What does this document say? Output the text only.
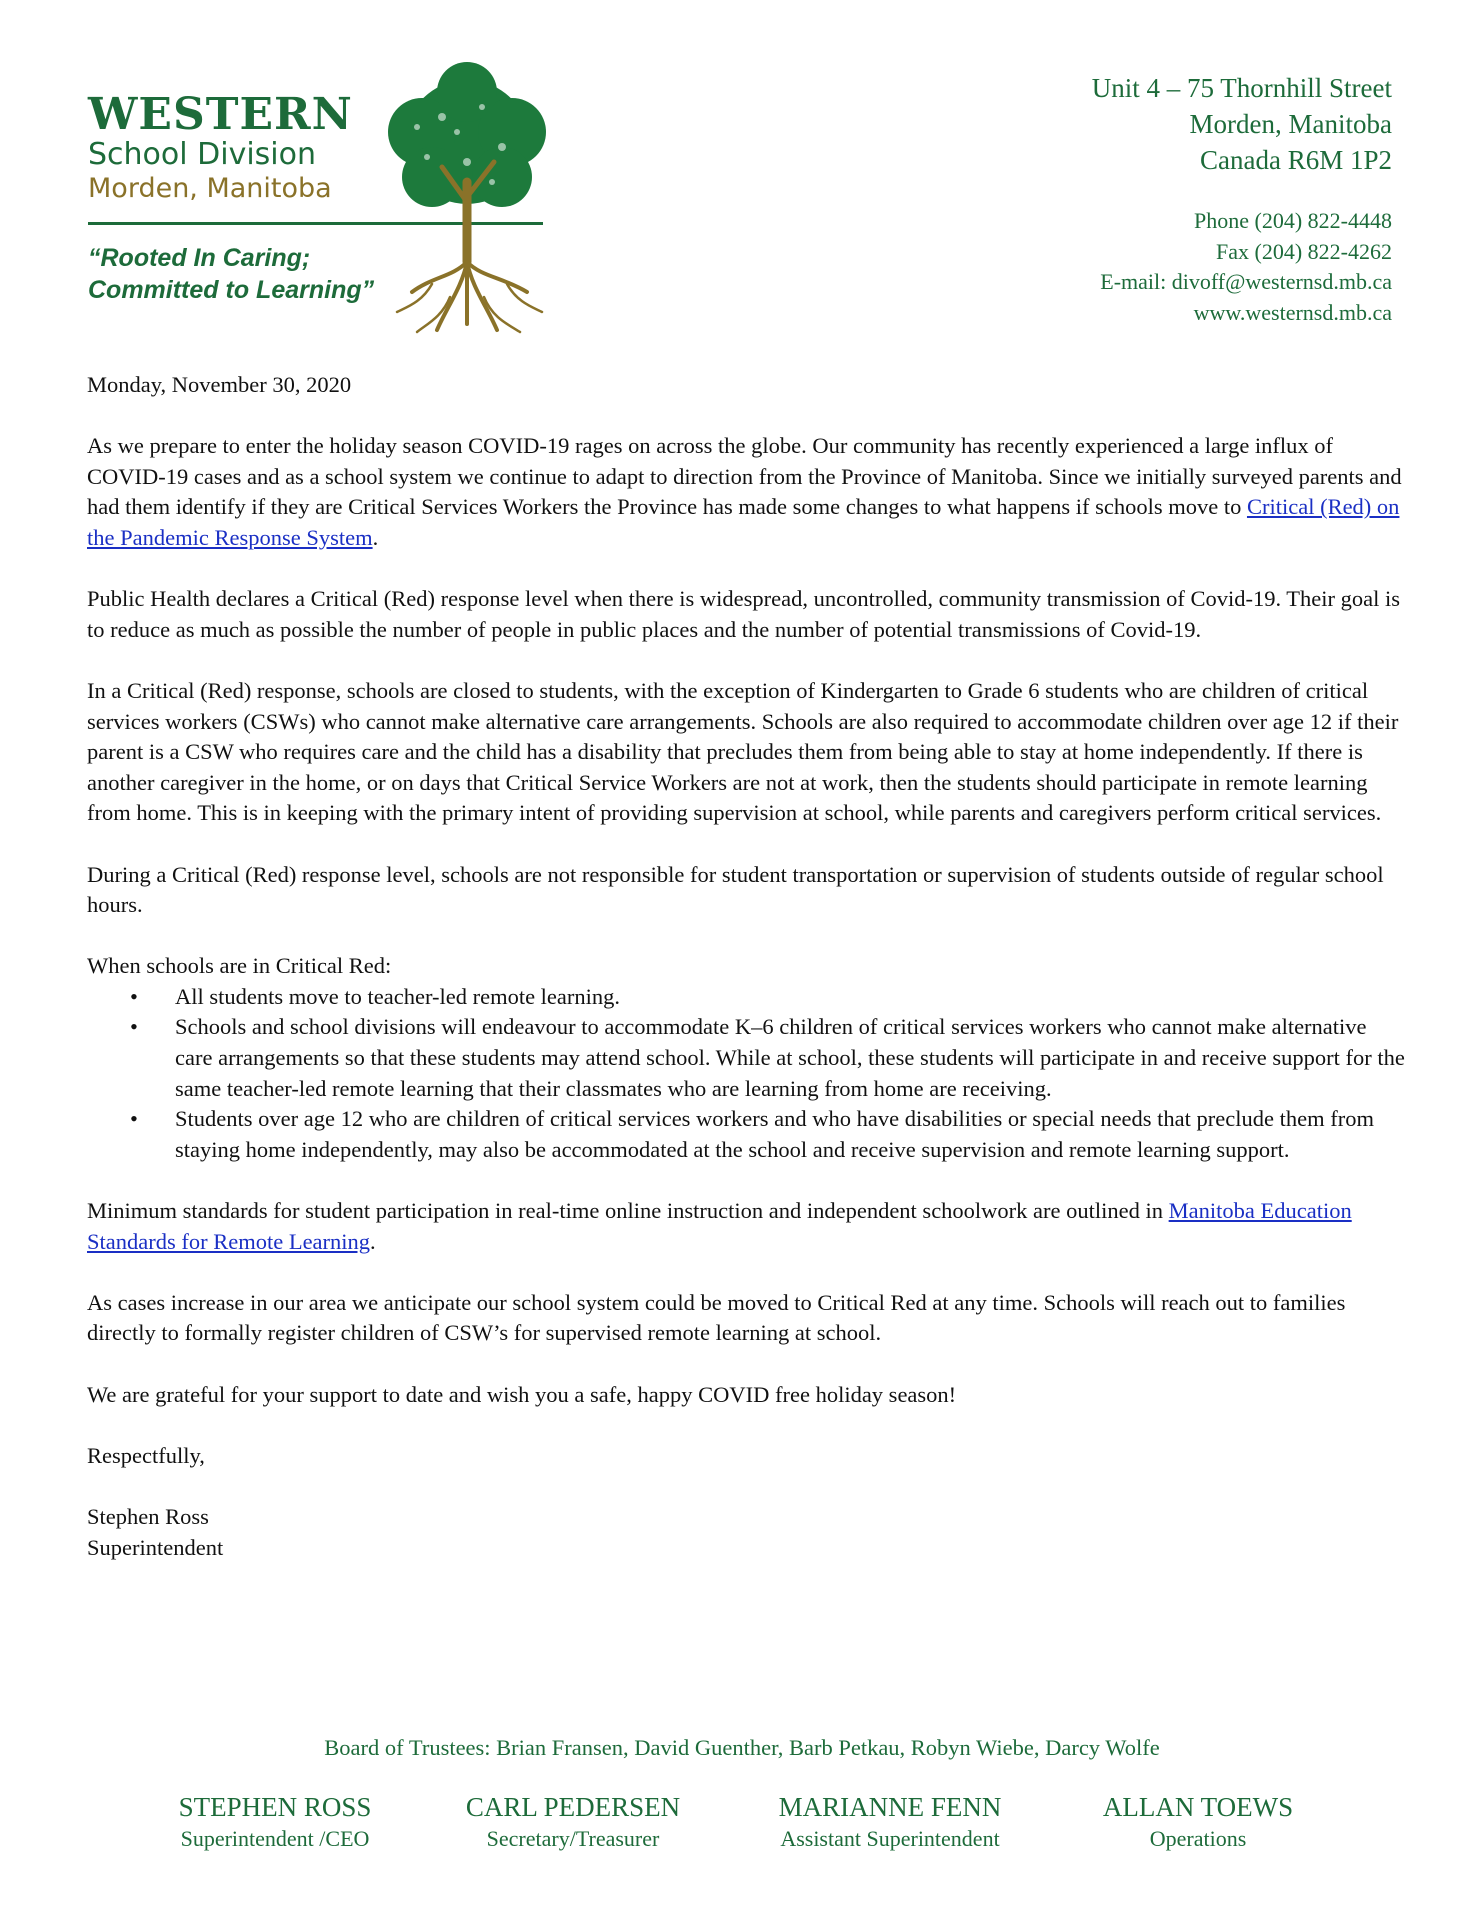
WESTERN
School Division
Morden, Manitoba
“Rooted In Caring;
Committed to Learning”
Unit 4 – 75 Thornhill Street
Morden, Manitoba
Canada R6M 1P2
Phone (204) 822-4448
Fax (204) 822-4262
E-mail: divoff@westernsd.mb.ca
www.westernsd.mb.ca

Monday, November 30, 2020

As we prepare to enter the holiday season COVID-19 rages on across the globe. Our community has recently experienced a large influx of COVID-19 cases and as a school system we continue to adapt to direction from the Province of Manitoba. Since we initially surveyed parents and had them identify if they are Critical Services Workers the Province has made some changes to what happens if schools move to Critical (Red) on the Pandemic Response System.

Public Health declares a Critical (Red) response level when there is widespread, uncontrolled, community transmission of Covid-19. Their goal is to reduce as much as possible the number of people in public places and the number of potential transmissions of Covid-19.

In a Critical (Red) response, schools are closed to students, with the exception of Kindergarten to Grade 6 students who are children of critical services workers (CSWs) who cannot make alternative care arrangements. Schools are also required to accommodate children over age 12 if their parent is a CSW who requires care and the child has a disability that precludes them from being able to stay at home independently. If there is another caregiver in the home, or on days that Critical Service Workers are not at work, then the students should participate in remote learning from home. This is in keeping with the primary intent of providing supervision at school, while parents and caregivers perform critical services.

During a Critical (Red) response level, schools are not responsible for student transportation or supervision of students outside of regular school hours.

When schools are in Critical Red:

• All students move to teacher-led remote learning.
• Schools and school divisions will endeavour to accommodate K–6 children of critical services workers who cannot make alternative care arrangements so that these students may attend school. While at school, these students will participate in and receive support for the same teacher-led remote learning that their classmates who are learning from home are receiving.
• Students over age 12 who are children of critical services workers and who have disabilities or special needs that preclude them from staying home independently, may also be accommodated at the school and receive supervision and remote learning support.

Minimum standards for student participation in real-time online instruction and independent schoolwork are outlined in Manitoba Education Standards for Remote Learning.

As cases increase in our area we anticipate our school system could be moved to Critical Red at any time. Schools will reach out to families directly to formally register children of CSW’s for supervised remote learning at school.

We are grateful for your support to date and wish you a safe, happy COVID free holiday season!

Respectfully,

Stephen Ross
Superintendent
Board of Trustees: Brian Fransen, David Guenther, Barb Petkau, Robyn Wiebe, Darcy Wolfe
STEPHEN ROSS
Superintendent /CEO
CARL PEDERSEN
Secretary/Treasurer
MARIANNE FENN
Assistant Superintendent
ALLAN TOEWS
Operations
